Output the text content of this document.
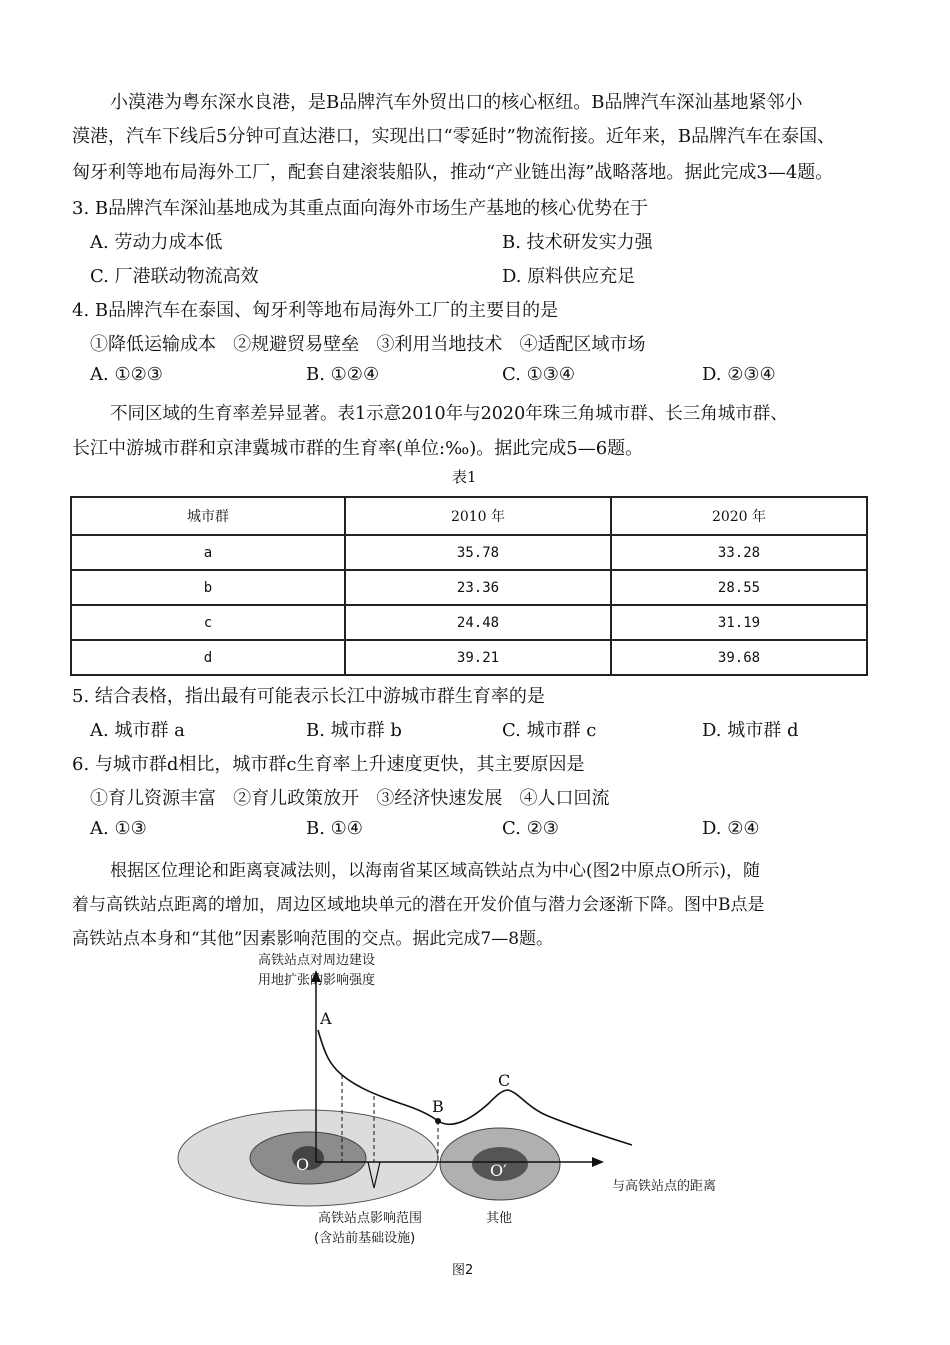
小漠港为粤东深水良港，是B品牌汽车外贸出口的核心枢纽。B品牌汽车深汕基地紧邻小
漠港，汽车下线后5分钟可直达港口，实现出口“零延时”物流衔接。近年来，B品牌汽车在泰国、
匈牙利等地布局海外工厂，配套自建滚装船队，推动“产业链出海”战略落地。据此完成3—4题。
3. B品牌汽车深汕基地成为其重点面向海外市场生产基地的核心优势在于
A. 劳动力成本低	B. 技术研发实力强
C. 厂港联动物流高效	D. 原料供应充足
4. B品牌汽车在泰国、匈牙利等地布局海外工厂的主要目的是
①降低运输成本   ②规避贸易壁垒   ③利用当地技术   ④适配区域市场
A. ①②③	B. ①②④	C. ①③④	D. ②③④
不同区域的生育率差异显著。表1示意2010年与2020年珠三角城市群、长三角城市群、
长江中游城市群和京津冀城市群的生育率(单位:‰)。据此完成5—6题。
表1
城市群	2010 年	2020 年
a	35.78	33.28
b	23.36	28.55
c	24.48	31.19
d	39.21	39.68
5. 结合表格，指出最有可能表示长江中游城市群生育率的是
A. 城市群 a	B. 城市群 b	C. 城市群 c	D. 城市群 d
6. 与城市群d相比，城市群c生育率上升速度更快，其主要原因是
①育儿资源丰富   ②育儿政策放开   ③经济快速发展   ④人口回流
A. ①③	B. ①④	C. ②③	D. ②④
根据区位理论和距离衰减法则，以海南省某区域高铁站点为中心(图2中原点O所示)，随
着与高铁站点距离的增加，周边区域地块单元的潜在开发价值与潜力会逐渐下降。图中B点是
高铁站点本身和“其他”因素影响范围的交点。据此完成7—8题。
高铁站点对周边建设
用地扩张的影响强度
A
B
C
O	O′
与高铁站点的距离
高铁站点影响范围
(含站前基础设施)
其他
图2
